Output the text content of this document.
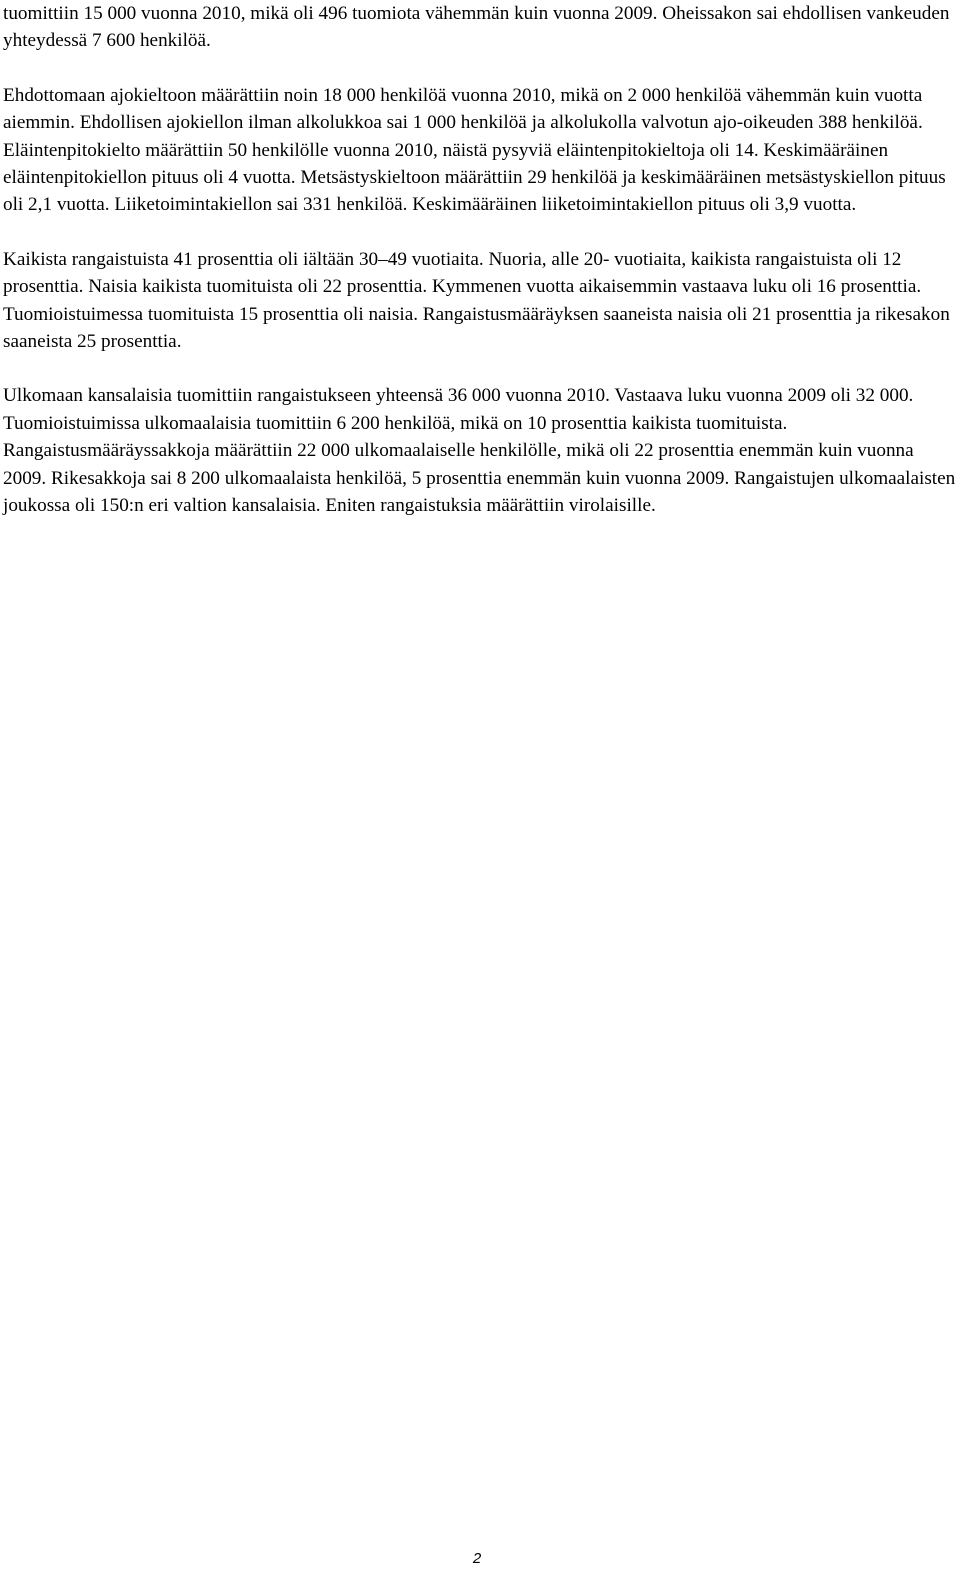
tuomittiin 15 000 vuonna 2010, mikä oli 496 tuomiota vähemmän kuin vuonna 2009. Oheissakon sai ehdollisen vankeuden yhteydessä 7 600 henkilöä.

Ehdottomaan ajokieltoon määrättiin noin 18 000 henkilöä vuonna 2010, mikä on 2 000 henkilöä vähemmän kuin vuotta aiemmin. Ehdollisen ajokiellon ilman alkolukkoa sai 1 000 henkilöä ja alkolukolla valvotun ajo-oikeuden 388 henkilöä. Eläintenpitokielto määrättiin 50 henkilölle vuonna 2010, näistä pysyviä eläintenpitokieltoja oli 14. Keskimääräinen eläintenpitokiellon pituus oli 4 vuotta. Metsästyskieltoon määrättiin 29 henkilöä ja keskimääräinen metsästyskiellon pituus oli 2,1 vuotta. Liiketoimintakiellon sai 331 henkilöä. Keskimääräinen liiketoimintakiellon pituus oli 3,9 vuotta.

Kaikista rangaistuista 41 prosenttia oli iältään 30–49 vuotiaita. Nuoria, alle 20- vuotiaita, kaikista rangaistuista oli 12 prosenttia. Naisia kaikista tuomituista oli 22 prosenttia. Kymmenen vuotta aikaisemmin vastaava luku oli 16 prosenttia. Tuomioistuimessa tuomituista 15 prosenttia oli naisia. Rangaistusmääräyksen saaneista naisia oli 21 prosenttia ja rikesakon saaneista 25 prosenttia.

Ulkomaan kansalaisia tuomittiin rangaistukseen yhteensä 36 000 vuonna 2010. Vastaava luku vuonna 2009 oli 32 000. Tuomioistuimissa ulkomaalaisia tuomittiin 6 200 henkilöä, mikä on 10 prosenttia kaikista tuomituista. Rangaistusmääräyssakkoja määrättiin 22 000 ulkomaalaiselle henkilölle, mikä oli 22 prosenttia enemmän kuin vuonna 2009. Rikesakkoja sai 8 200 ulkomaalaista henkilöä, 5 prosenttia enemmän kuin vuonna 2009. Rangaistujen ulkomaalaisten joukossa oli 150:n eri valtion kansalaisia. Eniten rangaistuksia määrättiin virolaisille.

2
